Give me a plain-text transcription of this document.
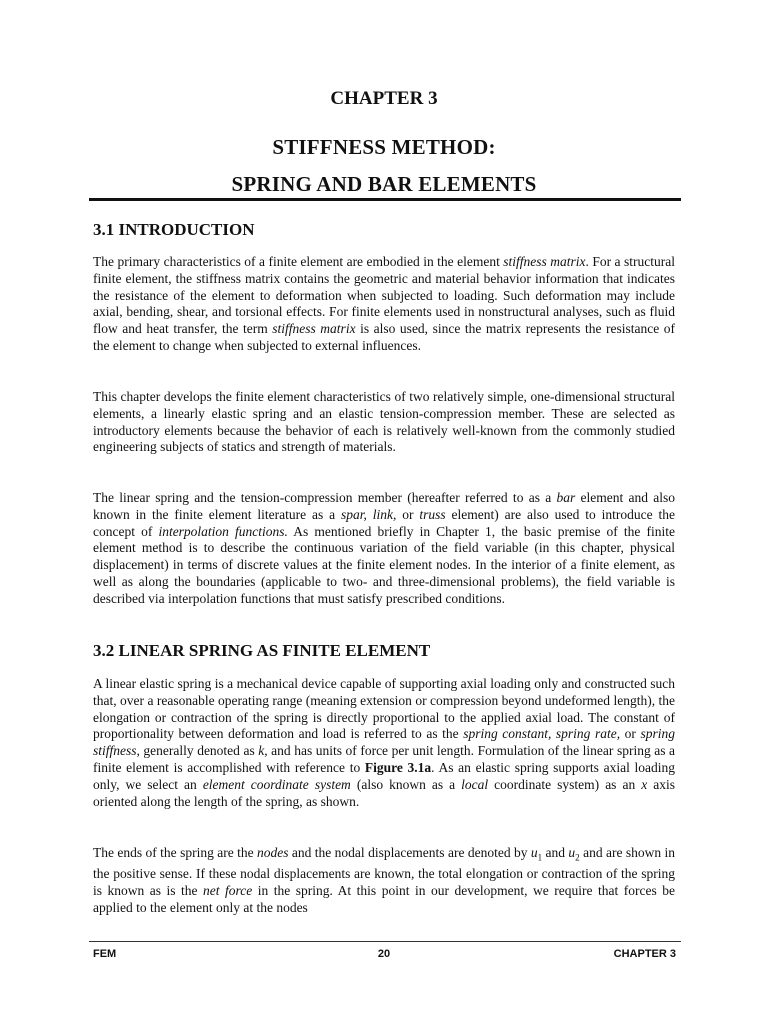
CHAPTER 3
STIFFNESS METHOD:
SPRING AND BAR ELEMENTS
3.1 INTRODUCTION

The primary characteristics of a finite element are embodied in the element stiffness matrix. For a structural finite element, the stiffness matrix contains the geometric and material behavior information that indicates the resistance of the element to deformation when subjected to loading. Such deformation may include axial, bending, shear, and torsional effects. For finite elements used in nonstructural analyses, such as fluid flow and heat transfer, the term stiffness matrix is also used, since the matrix represents the resistance of the element to change when subjected to external influences.

This chapter develops the finite element characteristics of two relatively simple, one-dimensional structural elements, a linearly elastic spring and an elastic tension-compression member. These are selected as introductory elements because the behavior of each is relatively well-known from the commonly studied engineering subjects of statics and strength of materials.

The linear spring and the tension-compression member (hereafter referred to as a bar element and also known in the finite element literature as a spar, link, or truss element) are also used to introduce the concept of interpolation functions. As mentioned briefly in Chapter 1, the basic premise of the finite element method is to describe the continuous variation of the field variable (in this chapter, physical displacement) in terms of discrete values at the finite element nodes. In the interior of a finite element, as well as along the boundaries (applicable to two- and three-dimensional problems), the field variable is described via interpolation functions that must satisfy prescribed conditions.

3.2 LINEAR SPRING AS FINITE ELEMENT

A linear elastic spring is a mechanical device capable of supporting axial loading only and constructed such that, over a reasonable operating range (meaning extension or compression beyond undeformed length), the elongation or contraction of the spring is directly proportional to the applied axial load. The constant of proportionality between deformation and load is referred to as the spring constant, spring rate, or spring stiffness, generally denoted as k, and has units of force per unit length. Formulation of the linear spring as a finite element is accomplished with reference to Figure 3.1a. As an elastic spring supports axial loading only, we select an element coordinate system (also known as a local coordinate system) as an x axis oriented along the length of the spring, as shown.

The ends of the spring are the nodes and the nodal displacements are denoted by $u_1$ and $u_2$ and are shown in the positive sense. If these nodal displacements are known, the total elongation or contraction of the spring is known as is the net force in the spring. At this point in our development, we require that forces be applied to the element only at the nodes

FEM	20	CHAPTER 3
